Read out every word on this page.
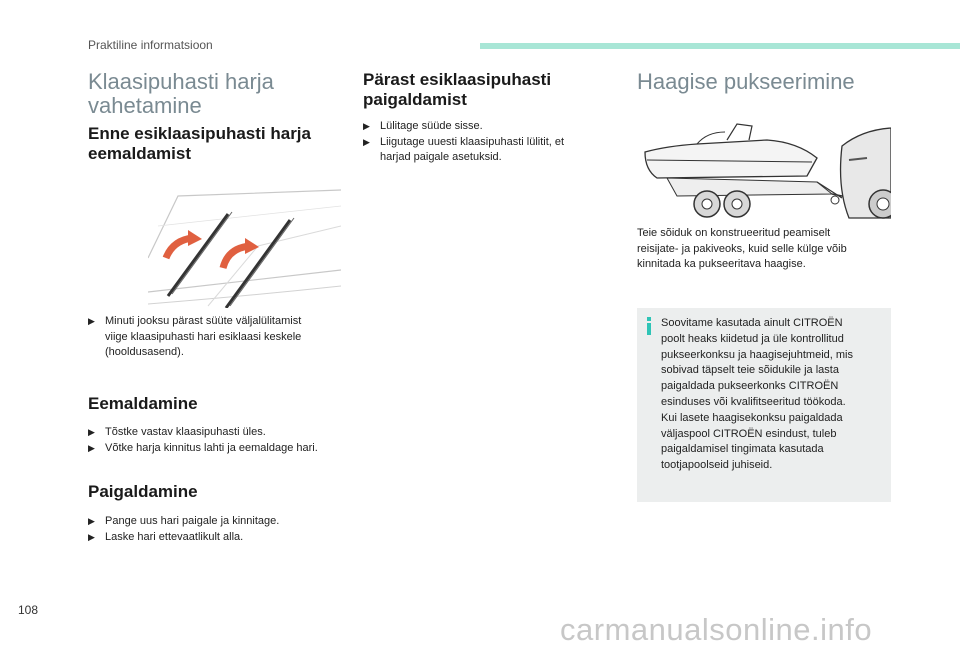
Praktiline informatsioon
Klaasipuhasti harja
vahetamine
Enne esiklaasipuhasti harja
eemaldamist
▶ Minuti jooksu pärast süüte väljalülitamist
viige klaasipuhasti hari esiklaasi keskele
(hooldusasend).
Eemaldamine
▶ Tõstke vastav klaasipuhasti üles.
▶ Võtke harja kinnitus lahti ja eemaldage hari.
Paigaldamine
▶ Pange uus hari paigale ja kinnitage.
▶ Laske hari ettevaatlikult alla.
Pärast esiklaasipuhasti
paigaldamist
▶ Lülitage süüde sisse.
▶ Liigutage uuesti klaasipuhasti lülitit, et
harjad paigale asetuksid.
Haagise pukseerimine
Teie sõiduk on konstrueeritud peamiselt
reisijate- ja pakiveoks, kuid selle külge võib
kinnitada ka pukseeritava haagise.
Soovitame kasutada ainult CITROËN
poolt heaks kiidetud ja üle kontrollitud
pukseerkonksu ja haagisejuhtmeid, mis
sobivad täpselt teie sõidukile ja lasta
paigaldada pukseerkonks CITROËN
esinduses või kvalifitseeritud töökoda.
Kui lasete haagisekonksu paigaldada
väljaspool CITROËN esindust, tuleb
paigaldamisel tingimata kasutada
tootjapoolseid juhiseid.
108
carmanualsonline.info
